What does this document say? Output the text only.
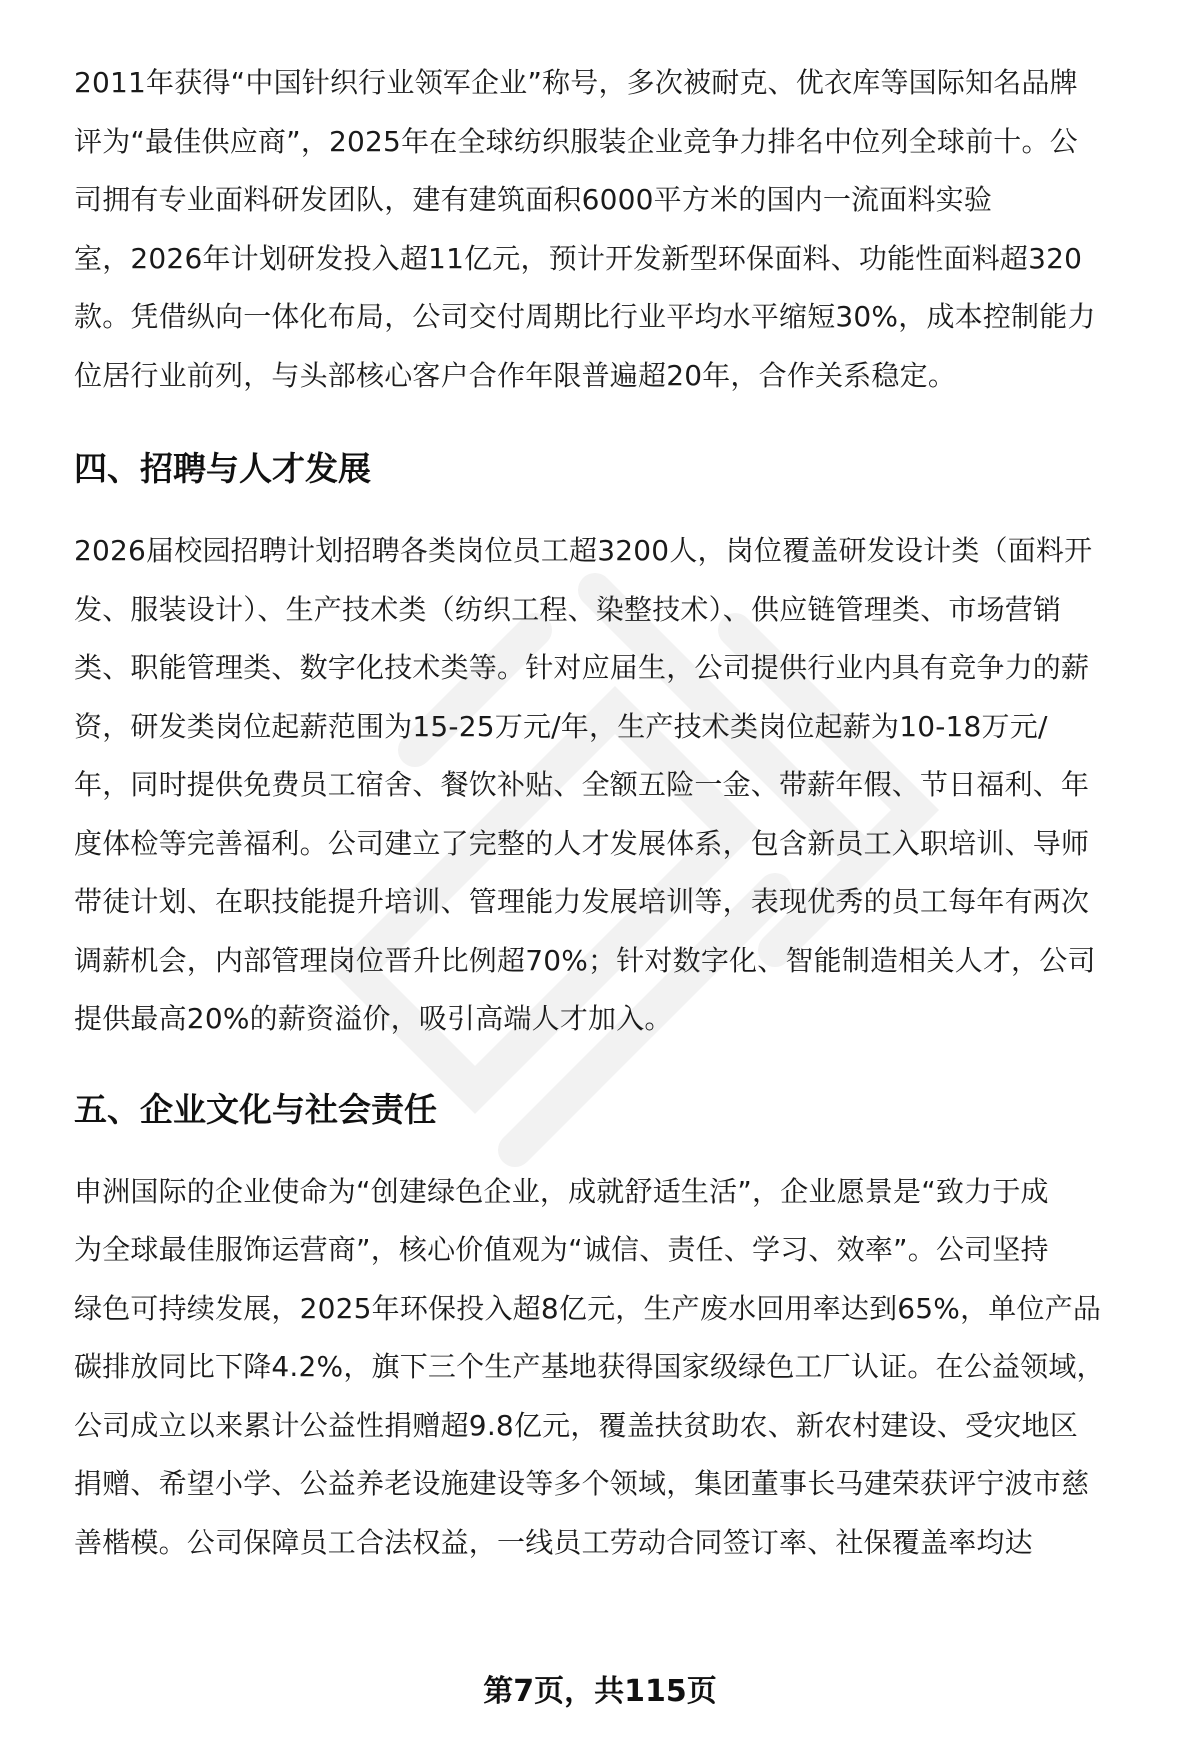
2011年获得“中国针织行业领军企业”称号，多次被耐克、优衣库等国际知名品牌
评为“最佳供应商”，2025年在全球纺织服装企业竞争力排名中位列全球前十。公
司拥有专业面料研发团队，建有建筑面积6000平方米的国内一流面料实验
室，2026年计划研发投入超11亿元，预计开发新型环保面料、功能性面料超320
款。凭借纵向一体化布局，公司交付周期比行业平均水平缩短30%，成本控制能力
位居行业前列，与头部核心客户合作年限普遍超20年，合作关系稳定。
四、招聘与人才发展
2026届校园招聘计划招聘各类岗位员工超3200人，岗位覆盖研发设计类（面料开
发、服装设计）、生产技术类（纺织工程、染整技术）、供应链管理类、市场营销
类、职能管理类、数字化技术类等。针对应届生，公司提供行业内具有竞争力的薪
资，研发类岗位起薪范围为15-25万元/年，生产技术类岗位起薪为10-18万元/
年，同时提供免费员工宿舍、餐饮补贴、全额五险一金、带薪年假、节日福利、年
度体检等完善福利。公司建立了完整的人才发展体系，包含新员工入职培训、导师
带徒计划、在职技能提升培训、管理能力发展培训等，表现优秀的员工每年有两次
调薪机会，内部管理岗位晋升比例超70%；针对数字化、智能制造相关人才，公司
提供最高20%的薪资溢价，吸引高端人才加入。
五、企业文化与社会责任
申洲国际的企业使命为“创建绿色企业，成就舒适生活”，企业愿景是“致力于成
为全球最佳服饰运营商”，核心价值观为“诚信、责任、学习、效率”。公司坚持
绿色可持续发展，2025年环保投入超8亿元，生产废水回用率达到65%，单位产品
碳排放同比下降4.2%，旗下三个生产基地获得国家级绿色工厂认证。在公益领域，
公司成立以来累计公益性捐赠超9.8亿元，覆盖扶贫助农、新农村建设、受灾地区
捐赠、希望小学、公益养老设施建设等多个领域，集团董事长马建荣获评宁波市慈
善楷模。公司保障员工合法权益，一线员工劳动合同签订率、社保覆盖率均达
第7页，共115页
